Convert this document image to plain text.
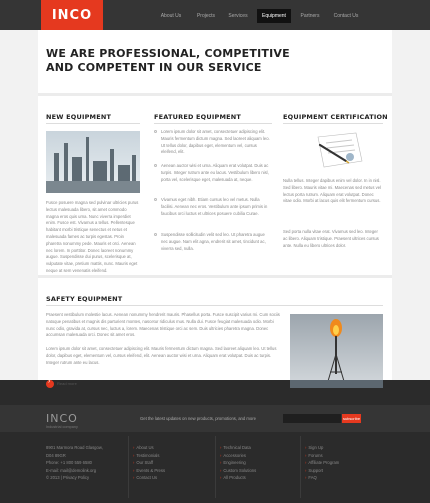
INCO	About Us	Projects	Services	Equipment	Partners	Contact Us
WE ARE PROFESSIONAL, COMPETITIVE
AND COMPETENT IN OUR SERVICE
NEW EQUIPMENT
Fusce posuere magna sed pulvinar ultricies purus lectus malesuada libero, sit amet commodo magna eros quis urna. Nunc viverra imperdiet enim. Fusce est. Vivamus a tellus. Pellentesque habitant morbi tristique senectus et netus et malesuada fames ac turpis egestas. Proin pharetra nonummy pede. Mauris et orci. Aenean nec lorem. In porttitor. Donec laoreet nonummy augue. Suspendisse dui purus, scelerisque at, vulputate vitae, pretium mattis, nunc. Mauris eget neque at sem venenatis eleifend.
FEATURED EQUIPMENT
Lorem ipsum dolor sit amet, consectetuer adipiscing elit. Mauris fermentum dictum magna. Sed laoreet aliquam leo. Ut tellus dolor, dapibus eget, elementum vel, cursus eleifend, elit.
Aenean auctor wisi et urna. Aliquam erat volutpat. Duis ac turpis. Integer rutrum ante eu lacus. Vestibulum libero nisl, porta vel, scelerisque eget, malesuada at, neque.
Vivamus eget nibh. Etiam cursus leo vel metus. Nulla facilisi. Aenean nec eros. Vestibulum ante ipsum primis in faucibus orci luctus et ultrices posuere cubilia Curae.
Suspendisse sollicitudin velit sed leo. Ut pharetra augue nec augue. Nam elit agna, endrerit sit amet, tincidunt ac, viverra sed, nulla.
EQUIPMENT CERTIFICATION
Nulla tellus. Integer dapibus enim vel dolor. In in nisl. Sed libero. Mauris vitae mi. Maecenas sed metus vel lectus porta rutrum. Aliquam erat volutpat. Donec vitae odio. Morbi at lacus quis elit fermentum cursus.
Sed porta nulla vitae erat. Vivamus sed leo. Integer ac libero. Aliquam tristique. Praesent ultrices cursus ante. Nulla eu libero ultrices dolor.
SAFETY EQUIPMENT
Praesent vestibulum molestie lacus. Aenean nonummy hendrerit mauris. Phasellus porta. Fusce suscipit varius mi. Cum sociis natoque penatibus et magnis dis parturient montes, nascetur ridiculus mus. Nulla dui. Fusce feugiat malesuada odio. Morbi nunc odio, gravida at, cursus nec, luctus a, lorem. Maecenas tristique orci ac sem. Duis ultricies pharetra magna. Donec accumsan malesuada orci. Donec sit amet eros.
Lorem ipsum dolor sit amet, consectetuer adipiscing elit. Mauris fermentum dictum magna. Sed laoreet aliquam leo. Ut tellus dolor, dapibus eget, elementum vel, cursus eleifend, elit. Aenean auctor wisi et urna. Aliquam erat volutpat. Duis ac turpis. Integer rutrum ante eu lacus.
›
Read more
INCO
Industrial company
Get the latest updates on new products, promotions, and more	subscribe
8901 Marmora Road Glasgow,
D04 89GR
Phone: +1 800 559 6580
E-mail: mail@demolink.org
© 2013 | Privacy Policy
› About Us
› Testimonials
› Our Staff
› Events & Press
› Contact Us
› Technical Data
› Accessories
› Engineering
› Custom Solutions
› All Products
› Sign Up
› Forums
› Affiliate Program
› Support
› FAQ
